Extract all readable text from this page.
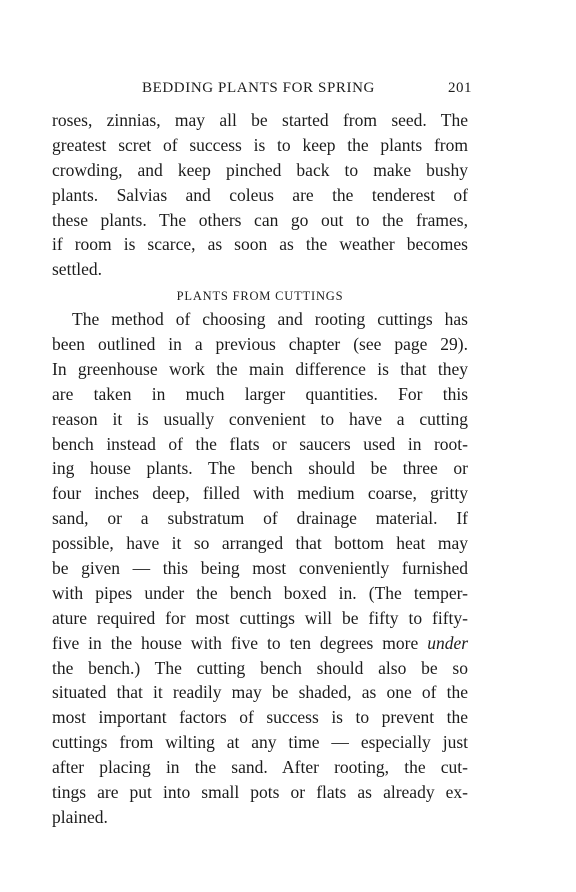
BEDDING PLANTS FOR SPRING	201
roses, zinnias, may all be started from seed. The
greatest scret of success is to keep the plants from
crowding, and keep pinched back to make bushy
plants. Salvias and coleus are the tenderest of
these plants. The others can go out to the frames,
if room is scarce, as soon as the weather becomes
settled.
PLANTS FROM CUTTINGS
The method of choosing and rooting cuttings has
been outlined in a previous chapter (see page 29).
In greenhouse work the main difference is that they
are taken in much larger quantities. For this
reason it is usually convenient to have a cutting
bench instead of the flats or saucers used in root-
ing house plants. The bench should be three or
four inches deep, filled with medium coarse, gritty
sand, or a substratum of drainage material. If
possible, have it so arranged that bottom heat may
be given — this being most conveniently furnished
with pipes under the bench boxed in. (The temper-
ature required for most cuttings will be fifty to fifty-
five in the house with five to ten degrees more under
the bench.) The cutting bench should also be so
situated that it readily may be shaded, as one of the
most important factors of success is to prevent the
cuttings from wilting at any time — especially just
after placing in the sand. After rooting, the cut-
tings are put into small pots or flats as already ex-
plained.
